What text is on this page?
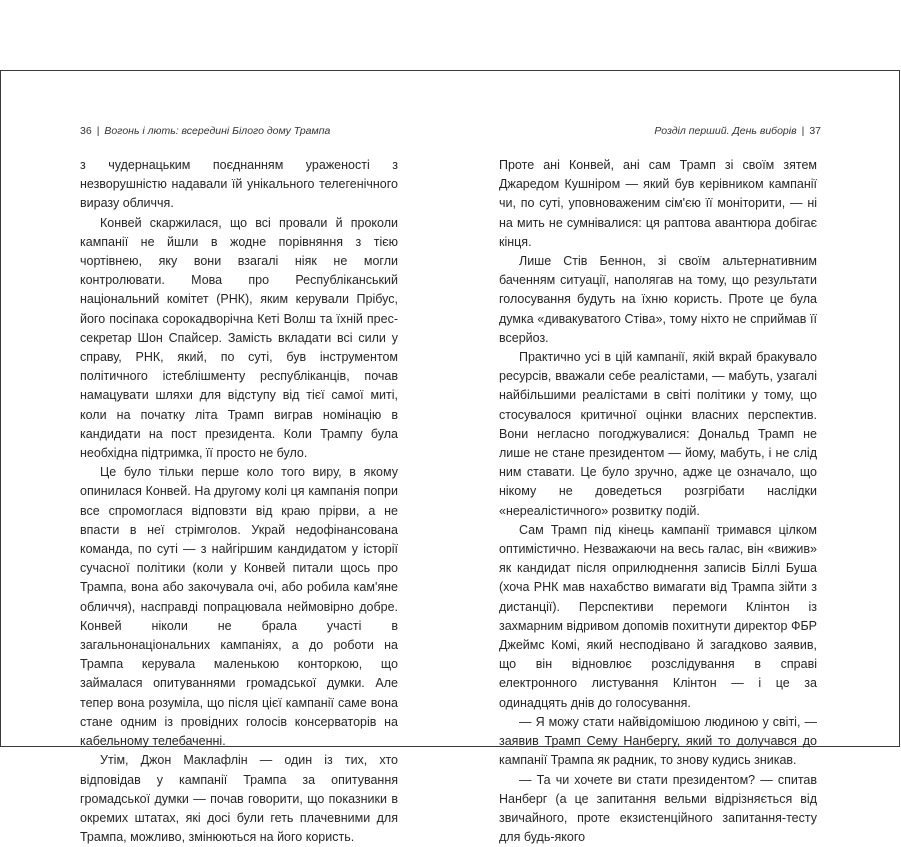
36 | Вогонь і лють: всередині Білого дому Трампа

з чудернацьким поєднанням ураженості з незворушністю надавали їй унікального телегенічного виразу обличчя.

Конвей скаржилася, що всі провали й проколи кампанії не йшли в жодне порівняння з тією чортівнею, яку вони взагалі ніяк не могли контролювати. Мова про Республіканський національний комітет (РНК), яким керували Прібус, його посіпака сорокадворічна Кеті Волш та їхній прес-секретар Шон Спайсер. Замість вкладати всі сили у справу, РНК, який, по суті, був інструментом політичного істеблішменту республіканців, почав намацувати шляхи для відступу від тієї самої миті, коли на початку літа Трамп виграв номінацію в кандидати на пост президента. Коли Трампу була необхідна підтримка, її просто не було.

Це було тільки перше коло того виру, в якому опинилася Конвей. На другому колі ця кампанія попри все спромоглася відповзти від краю прірви, а не впасти в неї стрімголов. Украй недофінансована команда, по суті — з найгіршим кандидатом у історії сучасної політики (коли у Конвей питали щось про Трампа, вона або закочувала очі, або робила кам'яне обличчя), насправді попрацювала неймовірно добре. Конвей ніколи не брала участі в загальнонаціональних кампаніях, а до роботи на Трампа керувала маленькою конторкою, що займалася опитуваннями громадської думки. Але тепер вона розуміла, що після цієї кампанії саме вона стане одним із провідних голосів консерваторів на кабельному телебаченні.

Утім, Джон Маклафлін — один із тих, хто відповідав у кампанії Трампа за опитування громадської думки — почав говорити, що показники в окремих штатах, які досі були геть плачевними для Трампа, можливо, змінюються на його користь.

Розділ перший. День виборів | 37

Проте ані Конвей, ані сам Трамп зі своїм зятем Джаредом Кушніром — який був керівником кампанії чи, по суті, уповноваженим сім'єю її моніторити, — ні на мить не сумнівалися: ця раптова авантюра добігає кінця.

Лише Стів Беннон, зі своїм альтернативним баченням ситуації, наполягав на тому, що результати голосування будуть на їхню користь. Проте це була думка «дивакуватого Стіва», тому ніхто не сприймав її всерйоз.

Практично усі в цій кампанії, якій вкрай бракувало ресурсів, вважали себе реалістами, — мабуть, узагалі найбільшими реалістами в світі політики у тому, що стосувалося критичної оцінки власних перспектив. Вони негласно погоджувалися: Дональд Трамп не лише не стане президентом — йому, мабуть, і не слід ним ставати. Це було зручно, адже це означало, що нікому не доведеться розгрібати наслідки «нереалістичного» розвитку подій.

Сам Трамп під кінець кампанії тримався цілком оптимістично. Незважаючи на весь галас, він «вижив» як кандидат після оприлюднення записів Біллі Буша (хоча РНК мав нахабство вимагати від Трампа зійти з дистанції). Перспективи перемоги Клінтон із захмарним відривом допомів похитнути директор ФБР Джеймс Комі, який несподівано й загадково заявив, що він відновлює розслідування в справі електронного листування Клінтон — і це за одинадцять днів до голосування.

— Я можу стати найвідомішою людиною у світі, — заявив Трамп Сему Нанбергу, який то долучався до кампанії Трампа як радник, то знову кудись зникав.

— Та чи хочете ви стати президентом? — спитав Нанберг (а це запитання вельми відрізняється від звичайного, проте екзистенційного запитання-тесту для будь-якого
